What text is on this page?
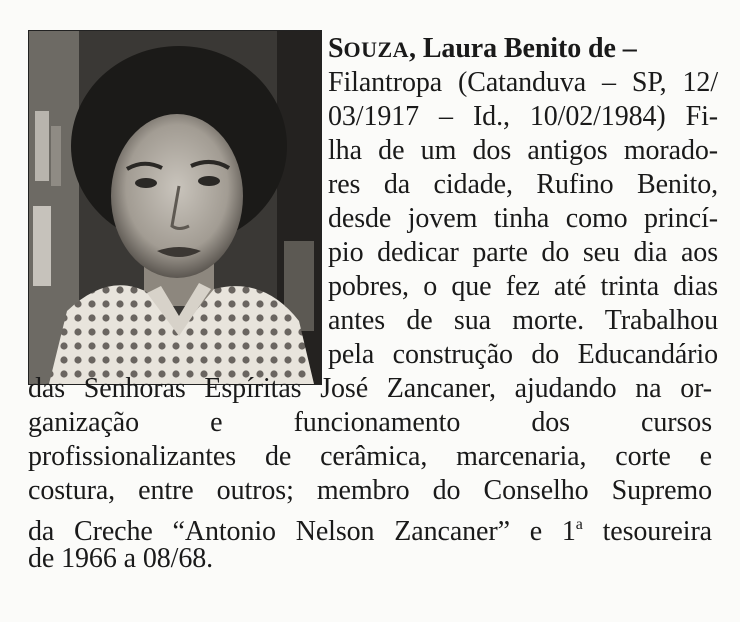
SOUZA, Laura Benito de –
Filantropa (Catanduva – SP, 12/
03/1917 – Id., 10/02/1984) Fi-
lha de um dos antigos morado-
res da cidade, Rufino Benito,
desde jovem tinha como princí-
pio dedicar parte do seu dia aos
pobres, o que fez até trinta dias
antes de sua morte. Trabalhou
pela construção do Educandário
das Senhoras Espíritas José Zancaner, ajudando na or-
ganização e funcionamento dos cursos
profissionalizantes de cerâmica, marcenaria, corte e
costura, entre outros; membro do Conselho Supremo
da Creche “Antonio Nelson Zancaner” e 1$^a$ tesoureira
de 1966 a 08/68.
